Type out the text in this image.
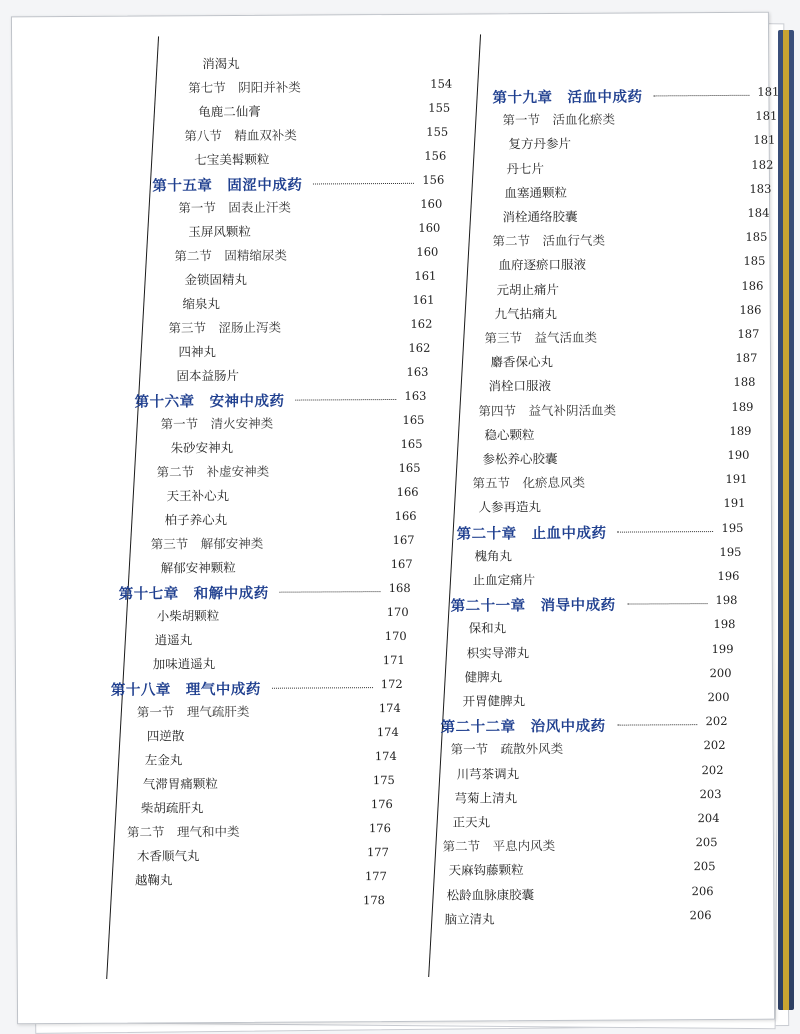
消渴丸
第七节　阴阳并补类	154
龟鹿二仙膏	155
第八节　精血双补类	155
七宝美髯颗粒	156
第十五章　固涩中成药	156
第一节　固表止汗类	160
玉屏风颗粒	160
第二节　固精缩尿类	160
金锁固精丸	161
缩泉丸	161
第三节　涩肠止泻类	162
四神丸	162
固本益肠片	163
第十六章　安神中成药	163
第一节　清火安神类	165
朱砂安神丸	165
第二节　补虚安神类	165
天王补心丸	166
柏子养心丸	166
第三节　解郁安神类	167
解郁安神颗粒	167
第十七章　和解中成药	168
小柴胡颗粒	170
逍遥丸	170
加味逍遥丸	171
第十八章　理气中成药	172
第一节　理气疏肝类	174
四逆散	174
左金丸	174
气滞胃痛颗粒	175
柴胡疏肝丸	176
第二节　理气和中类	176
木香顺气丸	177
越鞠丸	177
178
第十九章　活血中成药	181
第一节　活血化瘀类	181
复方丹参片	181
丹七片	182
血塞通颗粒	183
消栓通络胶囊	184
第二节　活血行气类	185
血府逐瘀口服液	185
元胡止痛片	186
九气拈痛丸	186
第三节　益气活血类	187
麝香保心丸	187
消栓口服液	188
第四节　益气补阴活血类	189
稳心颗粒	189
参松养心胶囊	190
第五节　化瘀息风类	191
人参再造丸	191
第二十章　止血中成药	195
槐角丸	195
止血定痛片	196
第二十一章　消导中成药	198
保和丸	198
枳实导滞丸	199
健脾丸	200
开胃健脾丸	200
第二十二章　治风中成药	202
第一节　疏散外风类	202
川芎茶调丸	202
芎菊上清丸	203
正天丸	204
第二节　平息内风类	205
天麻钩藤颗粒	205
松龄血脉康胶囊	206
脑立清丸	206
